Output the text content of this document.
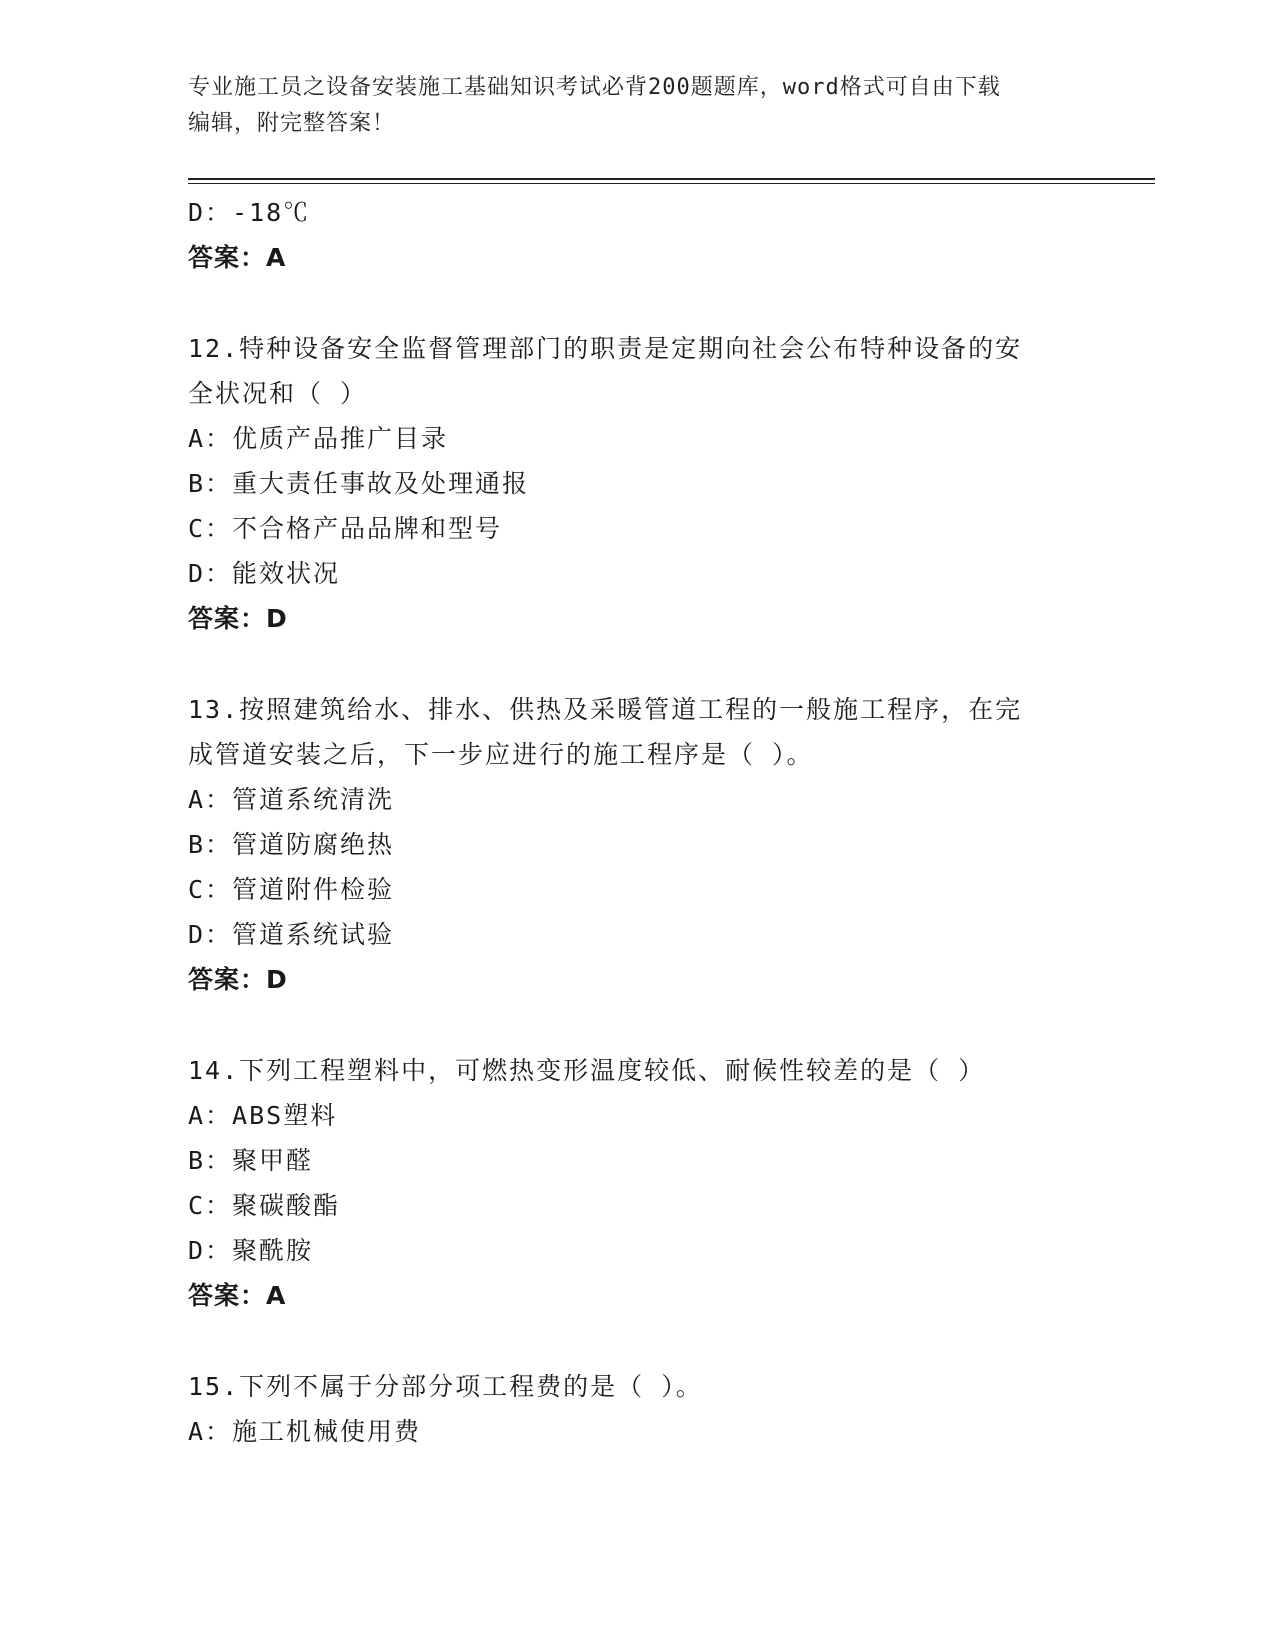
专业施工员之设备安装施工基础知识考试必背200题题库，word格式可自由下载
编辑，附完整答案！
D：-18℃
答案：A
12.特种设备安全监督管理部门的职责是定期向社会公布特种设备的安
全状况和（ ）
A：优质产品推广目录
B：重大责任事故及处理通报
C：不合格产品品牌和型号
D：能效状况
答案：D
13.按照建筑给水、排水、供热及采暖管道工程的一般施工程序，在完
成管道安装之后，下一步应进行的施工程序是（ ）。
A：管道系统清洗
B：管道防腐绝热
C：管道附件检验
D：管道系统试验
答案：D
14.下列工程塑料中，可燃热变形温度较低、耐候性较差的是（ ）
A：ABS塑料
B：聚甲醛
C：聚碳酸酯
D：聚酰胺
答案：A
15.下列不属于分部分项工程费的是（ ）。
A：施工机械使用费
